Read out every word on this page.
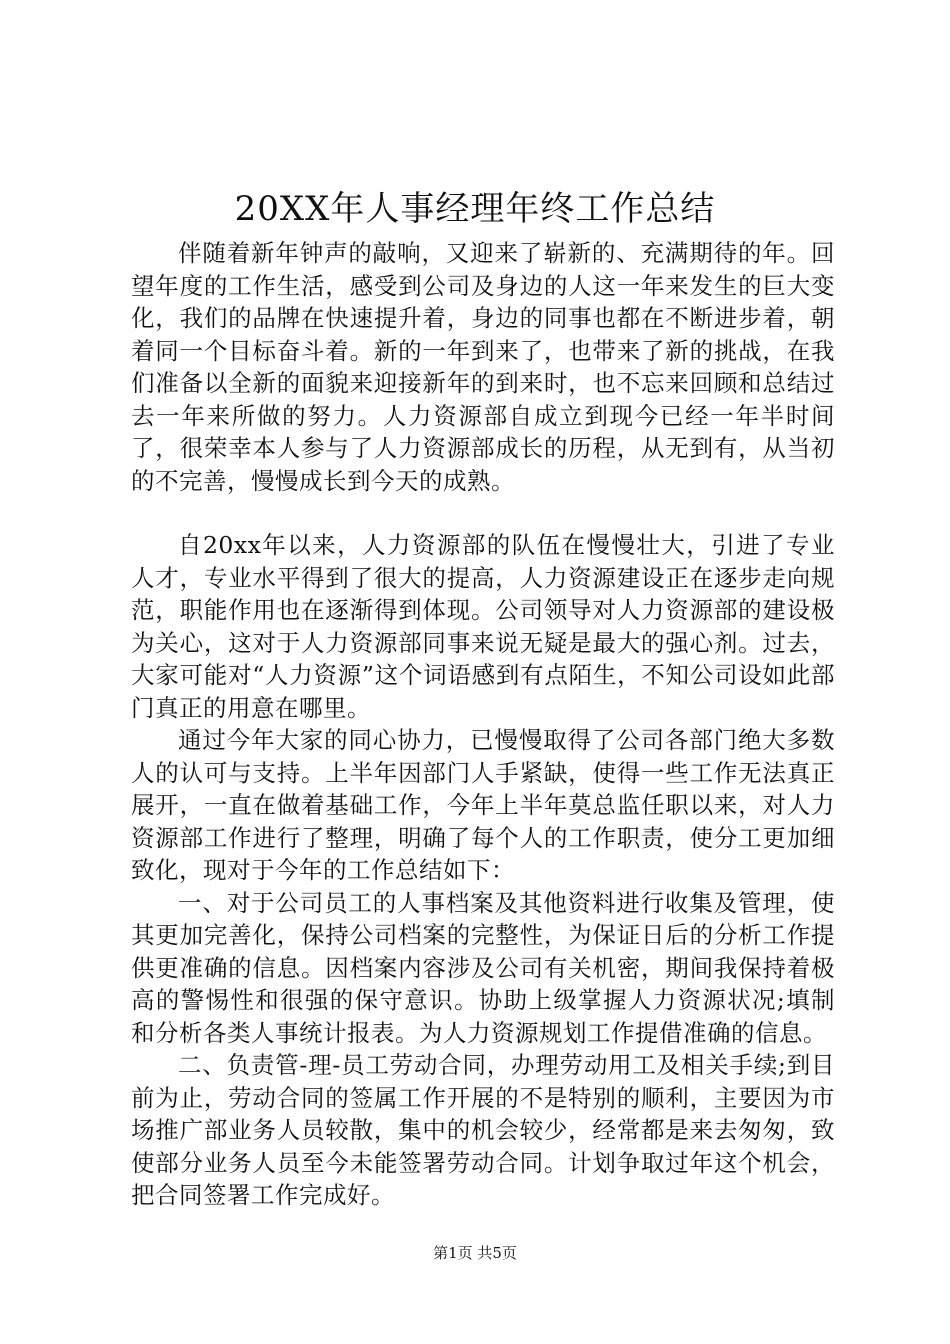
20XX年人事经理年终工作总结

伴随着新年钟声的敲响，又迎来了崭新的、充满期待的年。回望年度的工作生活，感受到公司及身边的人这一年来发生的巨大变化，我们的品牌在快速提升着，身边的同事也都在不断进步着，朝着同一个目标奋斗着。新的一年到来了，也带来了新的挑战，在我们准备以全新的面貌来迎接新年的到来时，也不忘来回顾和总结过去一年来所做的努力。人力资源部自成立到现今已经一年半时间了，很荣幸本人参与了人力资源部成长的历程，从无到有，从当初的不完善，慢慢成长到今天的成熟。

自20xx年以来，人力资源部的队伍在慢慢壮大，引进了专业人才，专业水平得到了很大的提高，人力资源建设正在逐步走向规范，职能作用也在逐渐得到体现。公司领导对人力资源部的建设极为关心，这对于人力资源部同事来说无疑是最大的强心剂。过去，大家可能对“人力资源”这个词语感到有点陌生，不知公司设如此部门真正的用意在哪里。

通过今年大家的同心协力，已慢慢取得了公司各部门绝大多数人的认可与支持。上半年因部门人手紧缺，使得一些工作无法真正展开，一直在做着基础工作，今年上半年莫总监任职以来，对人力资源部工作进行了整理，明确了每个人的工作职责，使分工更加细致化，现对于今年的工作总结如下：

一、对于公司员工的人事档案及其他资料进行收集及管理，使其更加完善化，保持公司档案的完整性，为保证日后的分析工作提供更准确的信息。因档案内容涉及公司有关机密，期间我保持着极高的警惕性和很强的保守意识。协助上级掌握人力资源状况;填制和分析各类人事统计报表。为人力资源规划工作提借准确的信息。

二、负责管-理-员工劳动合同，办理劳动用工及相关手续;到目前为止，劳动合同的签属工作开展的不是特别的顺利，主要因为市场推广部业务人员较散，集中的机会较少，经常都是来去匆匆，致使部分业务人员至今未能签署劳动合同。计划争取过年这个机会，把合同签署工作完成好。

第1页 共5页
